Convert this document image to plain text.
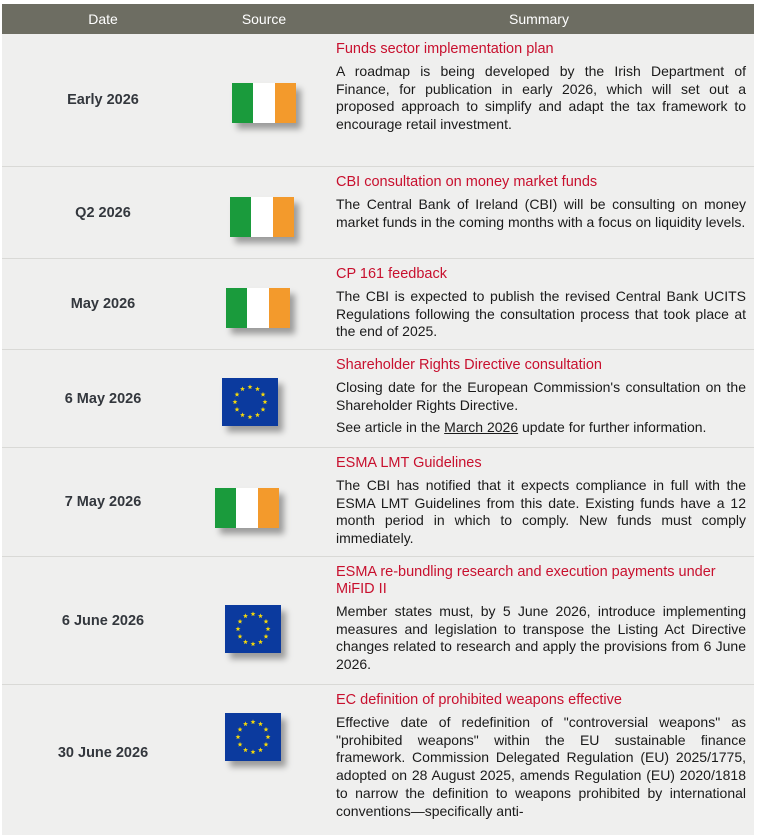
Date	Source	Summary
Early 2026
Funds sector implementation plan
A roadmap is being developed by the Irish Department of Finance, for publication in early 2026, which will set out a proposed approach to simplify and adapt the tax framework to encourage retail investment.
Q2 2026
CBI consultation on money market funds
The Central Bank of Ireland (CBI) will be consulting on money market funds in the coming months with a focus on liquidity levels.
May 2026
CP 161 feedback
The CBI is expected to publish the revised Central Bank UCITS Regulations following the consultation process that took place at the end of 2025.
6 May 2026
Shareholder Rights Directive consultation
Closing date for the European Commission's consultation on the Shareholder Rights Directive.
See article in the March 2026 update for further information.
7 May 2026
ESMA LMT Guidelines
The CBI has notified that it expects compliance in full with the ESMA LMT Guidelines from this date. Existing funds have a 12 month period in which to comply. New funds must comply immediately.
6 June 2026
ESMA re-bundling research and execution payments under MiFID II
Member states must, by 5 June 2026, introduce implementing measures and legislation to transpose the Listing Act Directive changes related to research and apply the provisions from 6 June 2026.
30 June 2026
EC definition of prohibited weapons effective
Effective date of redefinition of "controversial weapons" as "prohibited weapons" within the EU sustainable finance framework. Commission Delegated Regulation (EU) 2025/1775, adopted on 28 August 2025, amends Regulation (EU) 2020/1818 to narrow the definition to weapons prohibited by international conventions—specifically anti-
